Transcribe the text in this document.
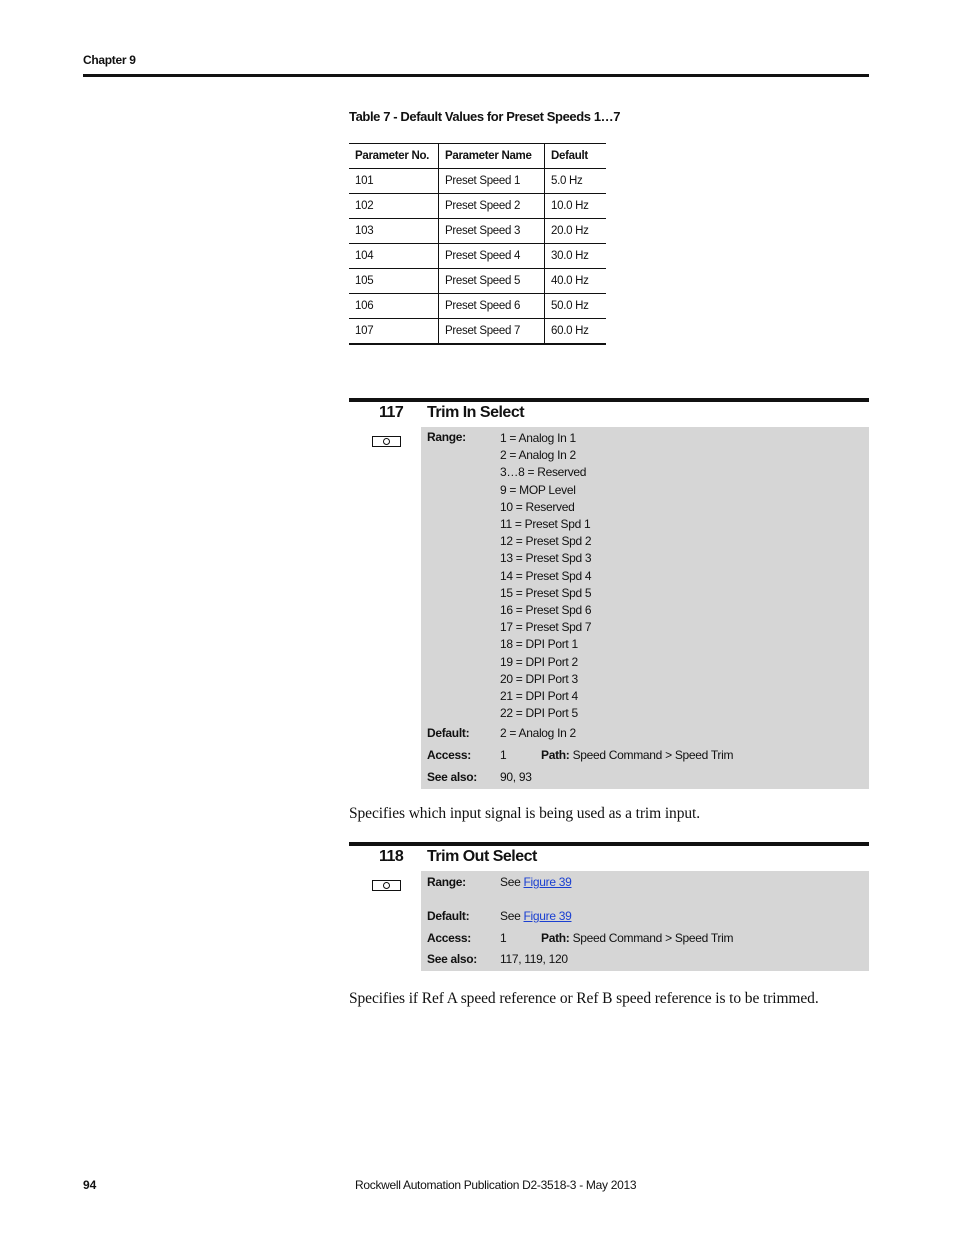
Chapter 9
Table 7 - Default Values for Preset Speeds 1…7
Parameter No.	Parameter Name	Default
101	Preset Speed 1	5.0 Hz
102	Preset Speed 2	10.0 Hz
103	Preset Speed 3	20.0 Hz
104	Preset Speed 4	30.0 Hz
105	Preset Speed 5	40.0 Hz
106	Preset Speed 6	50.0 Hz
107	Preset Speed 7	60.0 Hz
117 Trim In Select
Range:	1 = Analog In 1
2 = Analog In 2
3…8 = Reserved
9 = MOP Level
10 = Reserved
11 = Preset Spd 1
12 = Preset Spd 2
13 = Preset Spd 3
14 = Preset Spd 4
15 = Preset Spd 5
16 = Preset Spd 6
17 = Preset Spd 7
18 = DPI Port 1
19 = DPI Port 2
20 = DPI Port 3
21 = DPI Port 4
22 = DPI Port 5
Default:	2 = Analog In 2
Access: 1	Path: Speed Command > Speed Trim
See also: 90, 93
Specifies which input signal is being used as a trim input.
118 Trim Out Select
Range:	See Figure 39
Default:	See Figure 39
Access: 1	Path: Speed Command > Speed Trim
See also: 117, 119, 120
Specifies if Ref A speed reference or Ref B speed reference is to be trimmed.
94	Rockwell Automation Publication D2-3518-3 - May 2013
